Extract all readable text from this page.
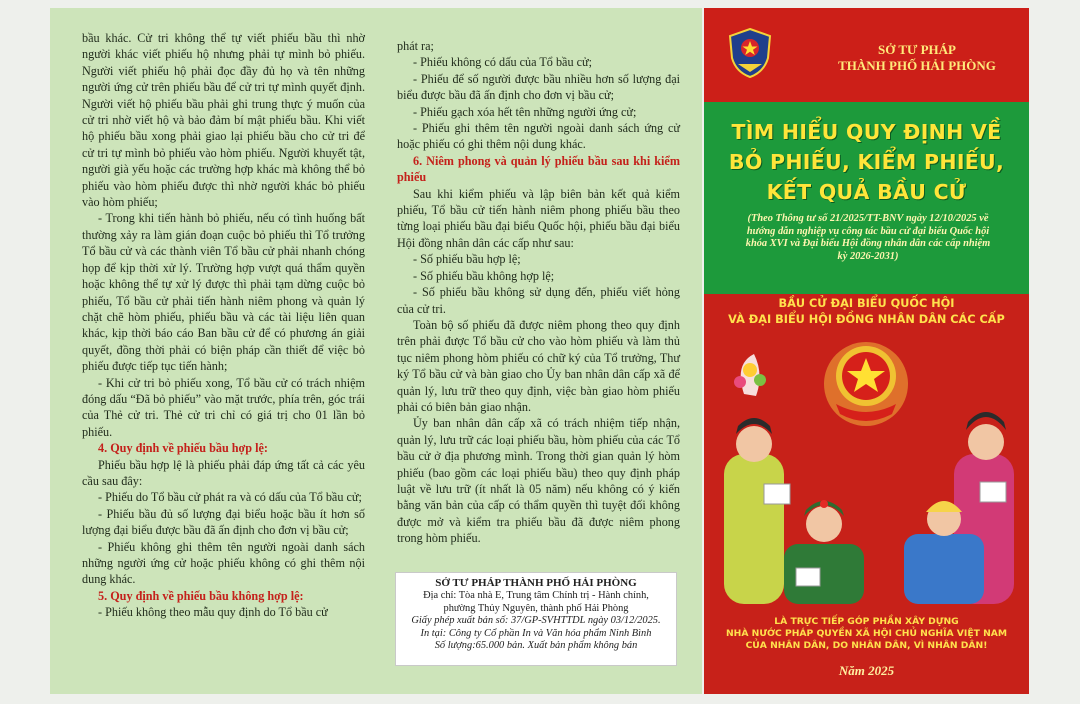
bầu khác. Cử tri không thể tự viết phiếu bầu thì nhờ người khác viết phiếu hộ nhưng phải tự mình bỏ phiếu. Người viết phiếu hộ phải đọc đầy đủ họ và tên những người ứng cử trên phiếu bầu để cử tri tự mình quyết định. Người viết hộ phiếu bầu phải ghi trung thực ý muốn của cử tri nhờ viết hộ và bảo đảm bí mật phiếu bầu. Khi viết hộ phiếu bầu xong phải giao lại phiếu bầu cho cử tri để cử tri tự mình bỏ phiếu vào hòm phiếu. Người khuyết tật, người già yếu hoặc các trường hợp khác mà không thể bỏ phiếu vào hòm phiếu được thì nhờ người khác bỏ phiếu vào hòm phiếu;

- Trong khi tiến hành bỏ phiếu, nếu có tình huống bất thường xảy ra làm gián đoạn cuộc bỏ phiếu thì Tổ trưởng Tổ bầu cử và các thành viên Tổ bầu cử phải nhanh chóng họp để kịp thời xử lý. Trường hợp vượt quá thẩm quyền hoặc không thể tự xử lý được thì phải tạm dừng cuộc bỏ phiếu, Tổ bầu cử phải tiến hành niêm phong và quản lý chặt chẽ hòm phiếu, phiếu bầu và các tài liệu liên quan khác, kịp thời báo cáo Ban bầu cử để có phương án giải quyết, đồng thời phải có biện pháp cần thiết để việc bỏ phiếu được tiếp tục tiến hành;

- Khi cử tri bỏ phiếu xong, Tổ bầu cử có trách nhiệm đóng dấu “Đã bỏ phiếu” vào mặt trước, phía trên, góc trái của Thẻ cử tri. Thẻ cử tri chỉ có giá trị cho 01 lần bỏ phiếu.

4. Quy định về phiếu bầu hợp lệ:

Phiếu bầu hợp lệ là phiếu phải đáp ứng tất cả các yêu cầu sau đây:

- Phiếu do Tổ bầu cử phát ra và có dấu của Tổ bầu cử;

- Phiếu bầu đủ số lượng đại biểu hoặc bầu ít hơn số lượng đại biểu được bầu đã ấn định cho đơn vị bầu cử;

- Phiếu không ghi thêm tên người ngoài danh sách những người ứng cử hoặc phiếu không có ghi thêm nội dung khác.

5. Quy định về phiếu bầu không hợp lệ:

- Phiếu không theo mẫu quy định do Tổ bầu cử

phát ra;

- Phiếu không có dấu của Tổ bầu cử;

- Phiếu để số người được bầu nhiều hơn số lượng đại biểu được bầu đã ấn định cho đơn vị bầu cử;

- Phiếu gạch xóa hết tên những người ứng cử;

- Phiếu ghi thêm tên người ngoài danh sách ứng cử hoặc phiếu có ghi thêm nội dung khác.

6. Niêm phong và quản lý phiếu bầu sau khi kiểm phiếu

Sau khi kiểm phiếu và lập biên bản kết quả kiểm phiếu, Tổ bầu cử tiến hành niêm phong phiếu bầu theo từng loại phiếu bầu đại biểu Quốc hội, phiếu bầu đại biểu Hội đồng nhân dân các cấp như sau:

- Số phiếu bầu hợp lệ;

- Số phiếu bầu không hợp lệ;

- Số phiếu bầu không sử dụng đến, phiếu viết hỏng của cử tri.

Toàn bộ số phiếu đã được niêm phong theo quy định trên phải được Tổ bầu cử cho vào hòm phiếu và làm thủ tục niêm phong hòm phiếu có chữ ký của Tổ trưởng, Thư ký Tổ bầu cử và bàn giao cho Ủy ban nhân dân cấp xã để quản lý, lưu trữ theo quy định, việc bàn giao hòm phiếu phải có biên bản giao nhận.

Ủy ban nhân dân cấp xã có trách nhiệm tiếp nhận, quản lý, lưu trữ các loại phiếu bầu, hòm phiếu của các Tổ bầu cử ở địa phương mình. Trong thời gian quản lý hòm phiếu (bao gồm các loại phiếu bầu) theo quy định pháp luật về lưu trữ (ít nhất là 05 năm) nếu không có ý kiến bằng văn bản của cấp có thẩm quyền thì tuyệt đối không được mở và kiểm tra phiếu bầu đã được niêm phong trong hòm phiếu.

SỞ TƯ PHÁP THÀNH PHỐ HẢI PHÒNG
Địa chỉ: Tòa nhà E, Trung tâm Chính trị - Hành chính,
phường Thủy Nguyên, thành phố Hải Phòng
Giấy phép xuất bản số: 37/GP-SVHTTDL ngày 03/12/2025.
In tại: Công ty Cổ phần In và Văn hóa phẩm Ninh Bình
Số lượng:65.000 bản. Xuất bản phẩm không bán
SỞ TƯ PHÁP
THÀNH PHỐ HẢI PHÒNG
TÌM HIỂU QUY ĐỊNH VỀ
BỎ PHIẾU, KIỂM PHIẾU,
KẾT QUẢ BẦU CỬ
(Theo Thông tư số 21/2025/TT-BNV ngày 12/10/2025 về hướng dẫn nghiệp vụ công tác bầu cử đại biểu Quốc hội khóa XVI và Đại biểu Hội đồng nhân dân các cấp nhiệm kỳ 2026-2031)
BẦU CỬ ĐẠI BIỂU QUỐC HỘI
VÀ ĐẠI BIỂU HỘI ĐỒNG NHÂN DÂN CÁC CẤP
LÀ TRỰC TIẾP GÓP PHẦN XÂY DỰNG
NHÀ NƯỚC PHÁP QUYỀN XÃ HỘI CHỦ NGHĨA VIỆT NAM
CỦA NHÂN DÂN, DO NHÂN DÂN, VÌ NHÂN DÂN!
Năm 2025
